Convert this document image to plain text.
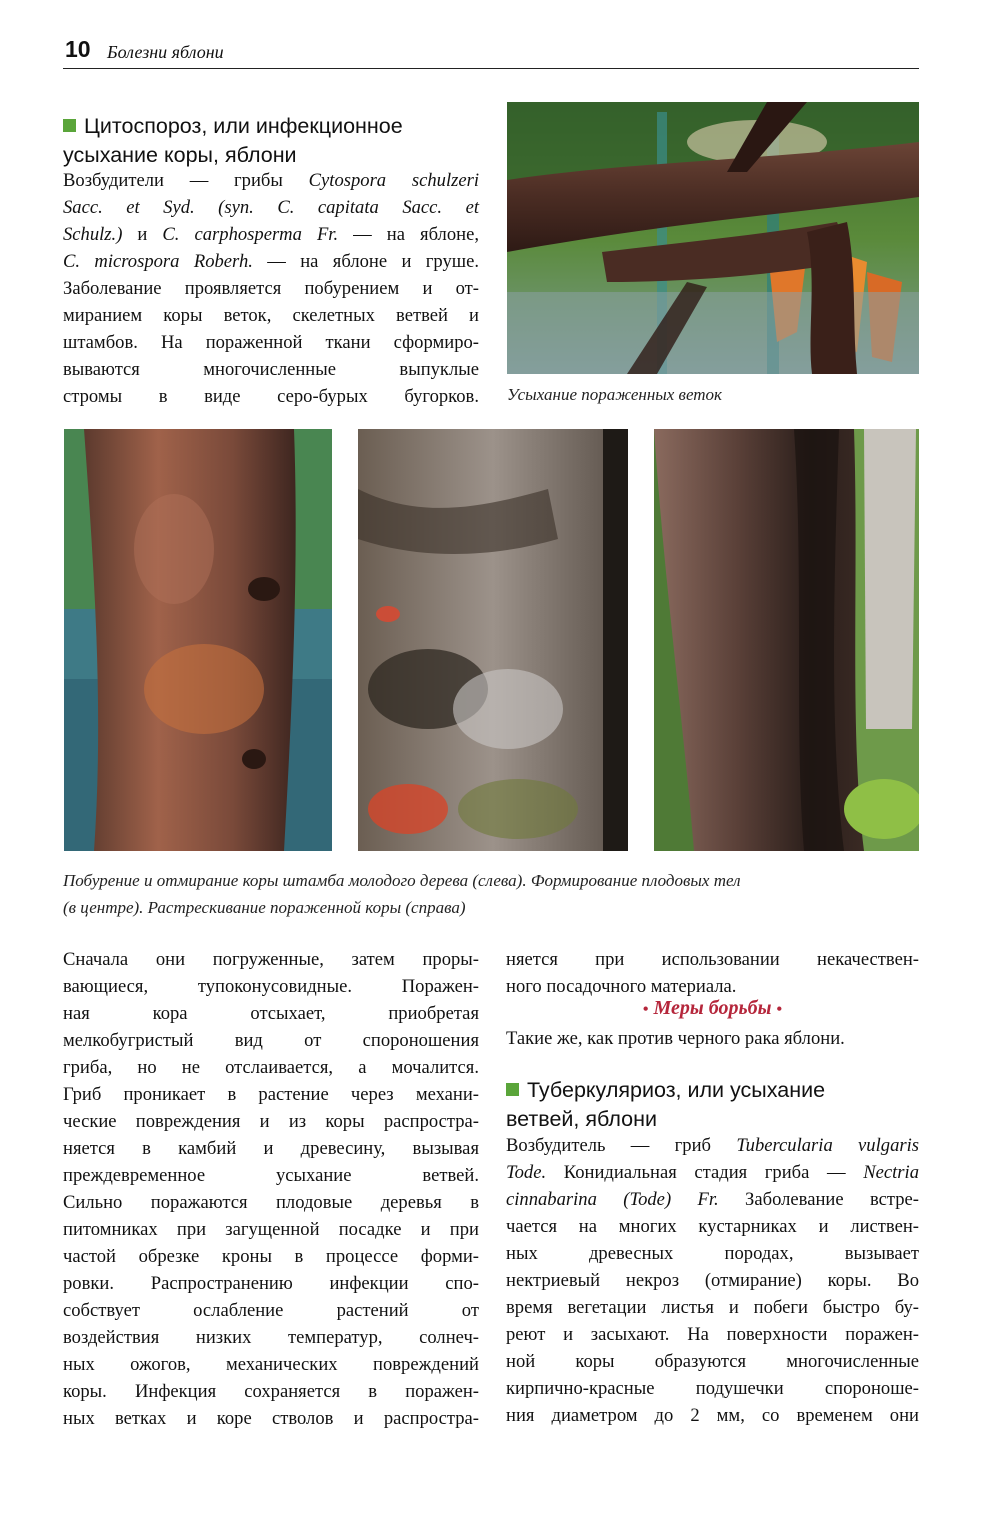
10 Болезни яблони
Цитоспороз, или инфекционное
усыхание коры, яблони

Возбудители — грибы Cytospora schulzeri

Sacc. et Syd. (syn. C. capitata Sacc. et

Schulz.) и C. carphosperma Fr. — на яблоне,

C. microspora Roberh. — на яблоне и груше.

Заболевание проявляется побурением и от-

миранием коры веток, скелетных ветвей и

штамбов. На пораженной ткани сформиро-

вываются многочисленные выпуклые

стромы в виде серо-бурых бугорков. Усыхание пораженных веток
Побурение и отмирание коры штамба молодого дерева (слева). Формирование плодовых тел
(в центре). Растрескивание пораженной коры (справа)

Сначала они погруженные, затем проры-

вающиеся, тупоконусовидные. Поражен-

ная кора отсыхает, приобретая

мелкобугристый вид от спороношения

гриба, но не отслаивается, а мочалится.

Гриб проникает в растение через механи-

ческие повреждения и из коры распростра-

няется в камбий и древесину, вызывая

преждевременное усыхание ветвей.

Сильно поражаются плодовые деревья в

питомниках при загущенной посадке и при

частой обрезке кроны в процессе форми-

ровки. Распространению инфекции спо-

собствует ослабление растений от

воздействия низких температур, солнеч-

ных ожогов, механических повреждений

коры. Инфекция сохраняется в поражен-

ных ветках и коре стволов и распростра-

няется при использовании некачествен-

ного посадочного материала.

• Меры борьбы •

Такие же, как против черного рака яблони.

Туберкуляриоз, или усыхание
ветвей, яблони

Возбудитель — гриб Tubercularia vulgaris

Tode. Конидиальная стадия гриба — Nectria

cinnabarina (Tode) Fr. Заболевание встре-

чается на многих кустарниках и листвен-

ных древесных породах, вызывает

нектриевый некроз (отмирание) коры. Во

время вегетации листья и побеги быстро бу-

реют и засыхают. На поверхности поражен-

ной коры образуются многочисленные

кирпично-красные подушечки спороноше-

ния диаметром до 2 мм, со временем они
